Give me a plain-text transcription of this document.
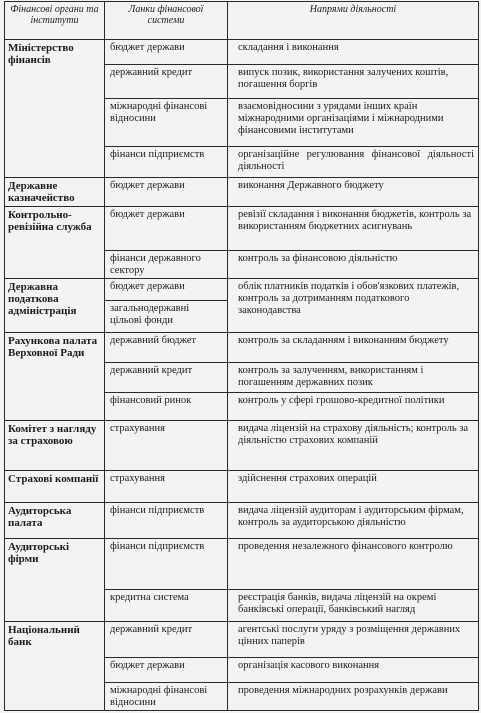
Фінансові органи та інститути	Ланки фінансової системи	Напрями діяльності
Міністерство фінансів	бюджет держави	складання і виконання
	державний кредит	випуск позик, використання залучених коштів, погашення боргів
	міжнародні фінансові відносини	взаємовідносини з урядами інших країн міжнародними організаціями і міжнародними фінансовими інститутами
	фінанси підприємств	організаційне регулювання фінансової діяльності діяльності
Державне казначейство	бюджет держави	виконання Державного бюджету
Контрольно-ревізійна служба	бюджет держави	ревізії складання і виконання бюджетів, контроль за використанням бюджетних асигнувань
	фінанси державного сектору	контроль за фінансовою діяльністю
Державна податкова адміністрація	бюджет держави	облік платників податків і обов'язкових платежів, контроль за дотриманням податкового законодавства
	загальнодержавні цільові фонди	
Рахункова палата Верховної Ради	державний бюджет	контроль за складанням і виконанням бюджету
	державний кредит	контроль за залученням, використанням і погашенням державних позик
	фінансовий ринок	контроль у сфері грошово-кредитної політики
Комітет з нагляду за страховою	страхування	видача ліцензій на страхову діяльність; контроль за діяльністю страхових компаній
Страхові компанії	страхування	здійснення страхових операцій
Аудиторська палата	фінанси підприємств	видача ліцензій аудиторам і аудиторським фірмам, контроль за аудиторською діяльністю
Аудиторські фірми	фінанси підприємств	проведення незалежного фінансового контролю
	кредитна система	реєстрація банків, видача ліцензій на окремі банківські операції, банківський нагляд
Національний банк	державний кредит	агентські послуги уряду з розміщення державних цінних паперів
	бюджет держави	організація касового виконання
	міжнародні фінансові відносини	проведення міжнародних розрахунків держави
